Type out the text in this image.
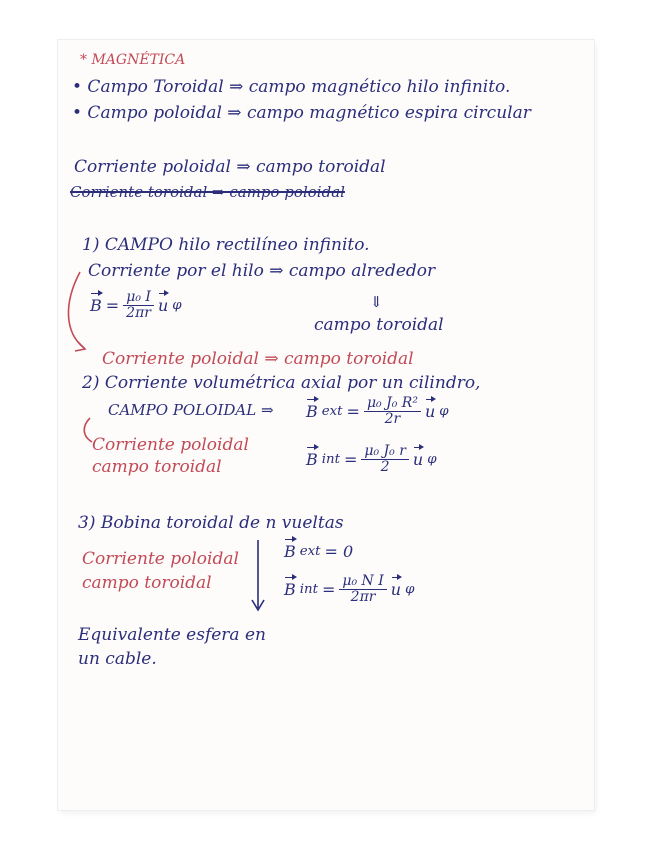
* MAGNÉTICA
• Campo Toroidal ⇒ campo magnético hilo infinito.
• Campo poloidal ⇒ campo magnético espira circular
Corriente poloidal ⇒ campo toroidal
Corriente toroidal ⇒ campo poloidal
1) CAMPO hilo rectilíneo infinito.
Corriente por el hilo ⇒ campo alrededor
$B = \frac{\text{μ₀ I}}{2\pi r}$ u φ	⇓
campo toroidal
Corriente poloidal ⇒ campo toroidal
2) Corriente volumétrica axial por un cilindro,
CAMPO POLOIDAL ⇒ B ext = $\frac{\text{μ₀ J₀ R²}}{2r}$ u φ
Corriente poloidal
campo toroidal	B int = $\frac{\text{μ₀ J₀ r}}{2}$ u φ
3) Bobina toroidal de n vueltas
Corriente poloidal
campo toroidal
B ext = 0
B int = $\frac{\text{μ₀ N I}}{2\pi r}$ u φ
Equivalente esfera en
un cable.
